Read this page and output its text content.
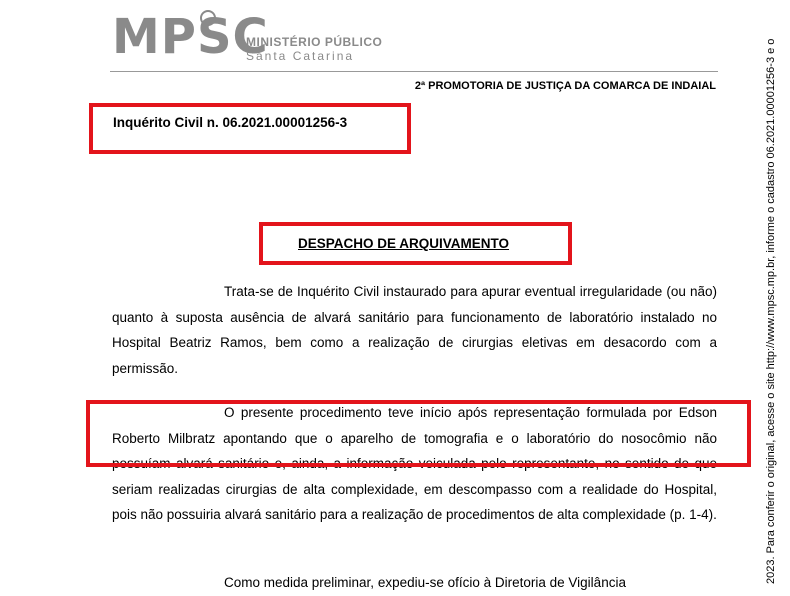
MPSC
MINISTÉRIO PÚBLICO
Santa Catarina
2ª PROMOTORIA DE JUSTIÇA DA COMARCA DE INDAIAL
Inquérito Civil n. 06.2021.00001256-3
DESPACHO DE ARQUIVAMENTO

Trata-se de Inquérito Civil instaurado para apurar eventual irregularidade (ou não) quanto à suposta ausência de alvará sanitário para funcionamento de laboratório instalado no Hospital Beatriz Ramos, bem como a realização de cirurgias eletivas em desacordo com a permissão.

O presente procedimento teve início após representação formulada por Edson Roberto Milbratz apontando que o aparelho de tomografia e o laboratório do nosocômio não possuíam alvará sanitário e, ainda, a informação veiculada pelo representante, no sentido de que seriam realizadas cirurgias de alta complexidade, em descompasso com a realidade do Hospital, pois não possuiria alvará sanitário para a realização de procedimentos de alta complexidade (p. 1-4).

Como medida preliminar, expediu-se ofício à Diretoria de Vigilância	2023. Para conferir o original, acesse o site http://www.mpsc.mp.br, informe o cadastro 06.2021.00001256-3 e o
